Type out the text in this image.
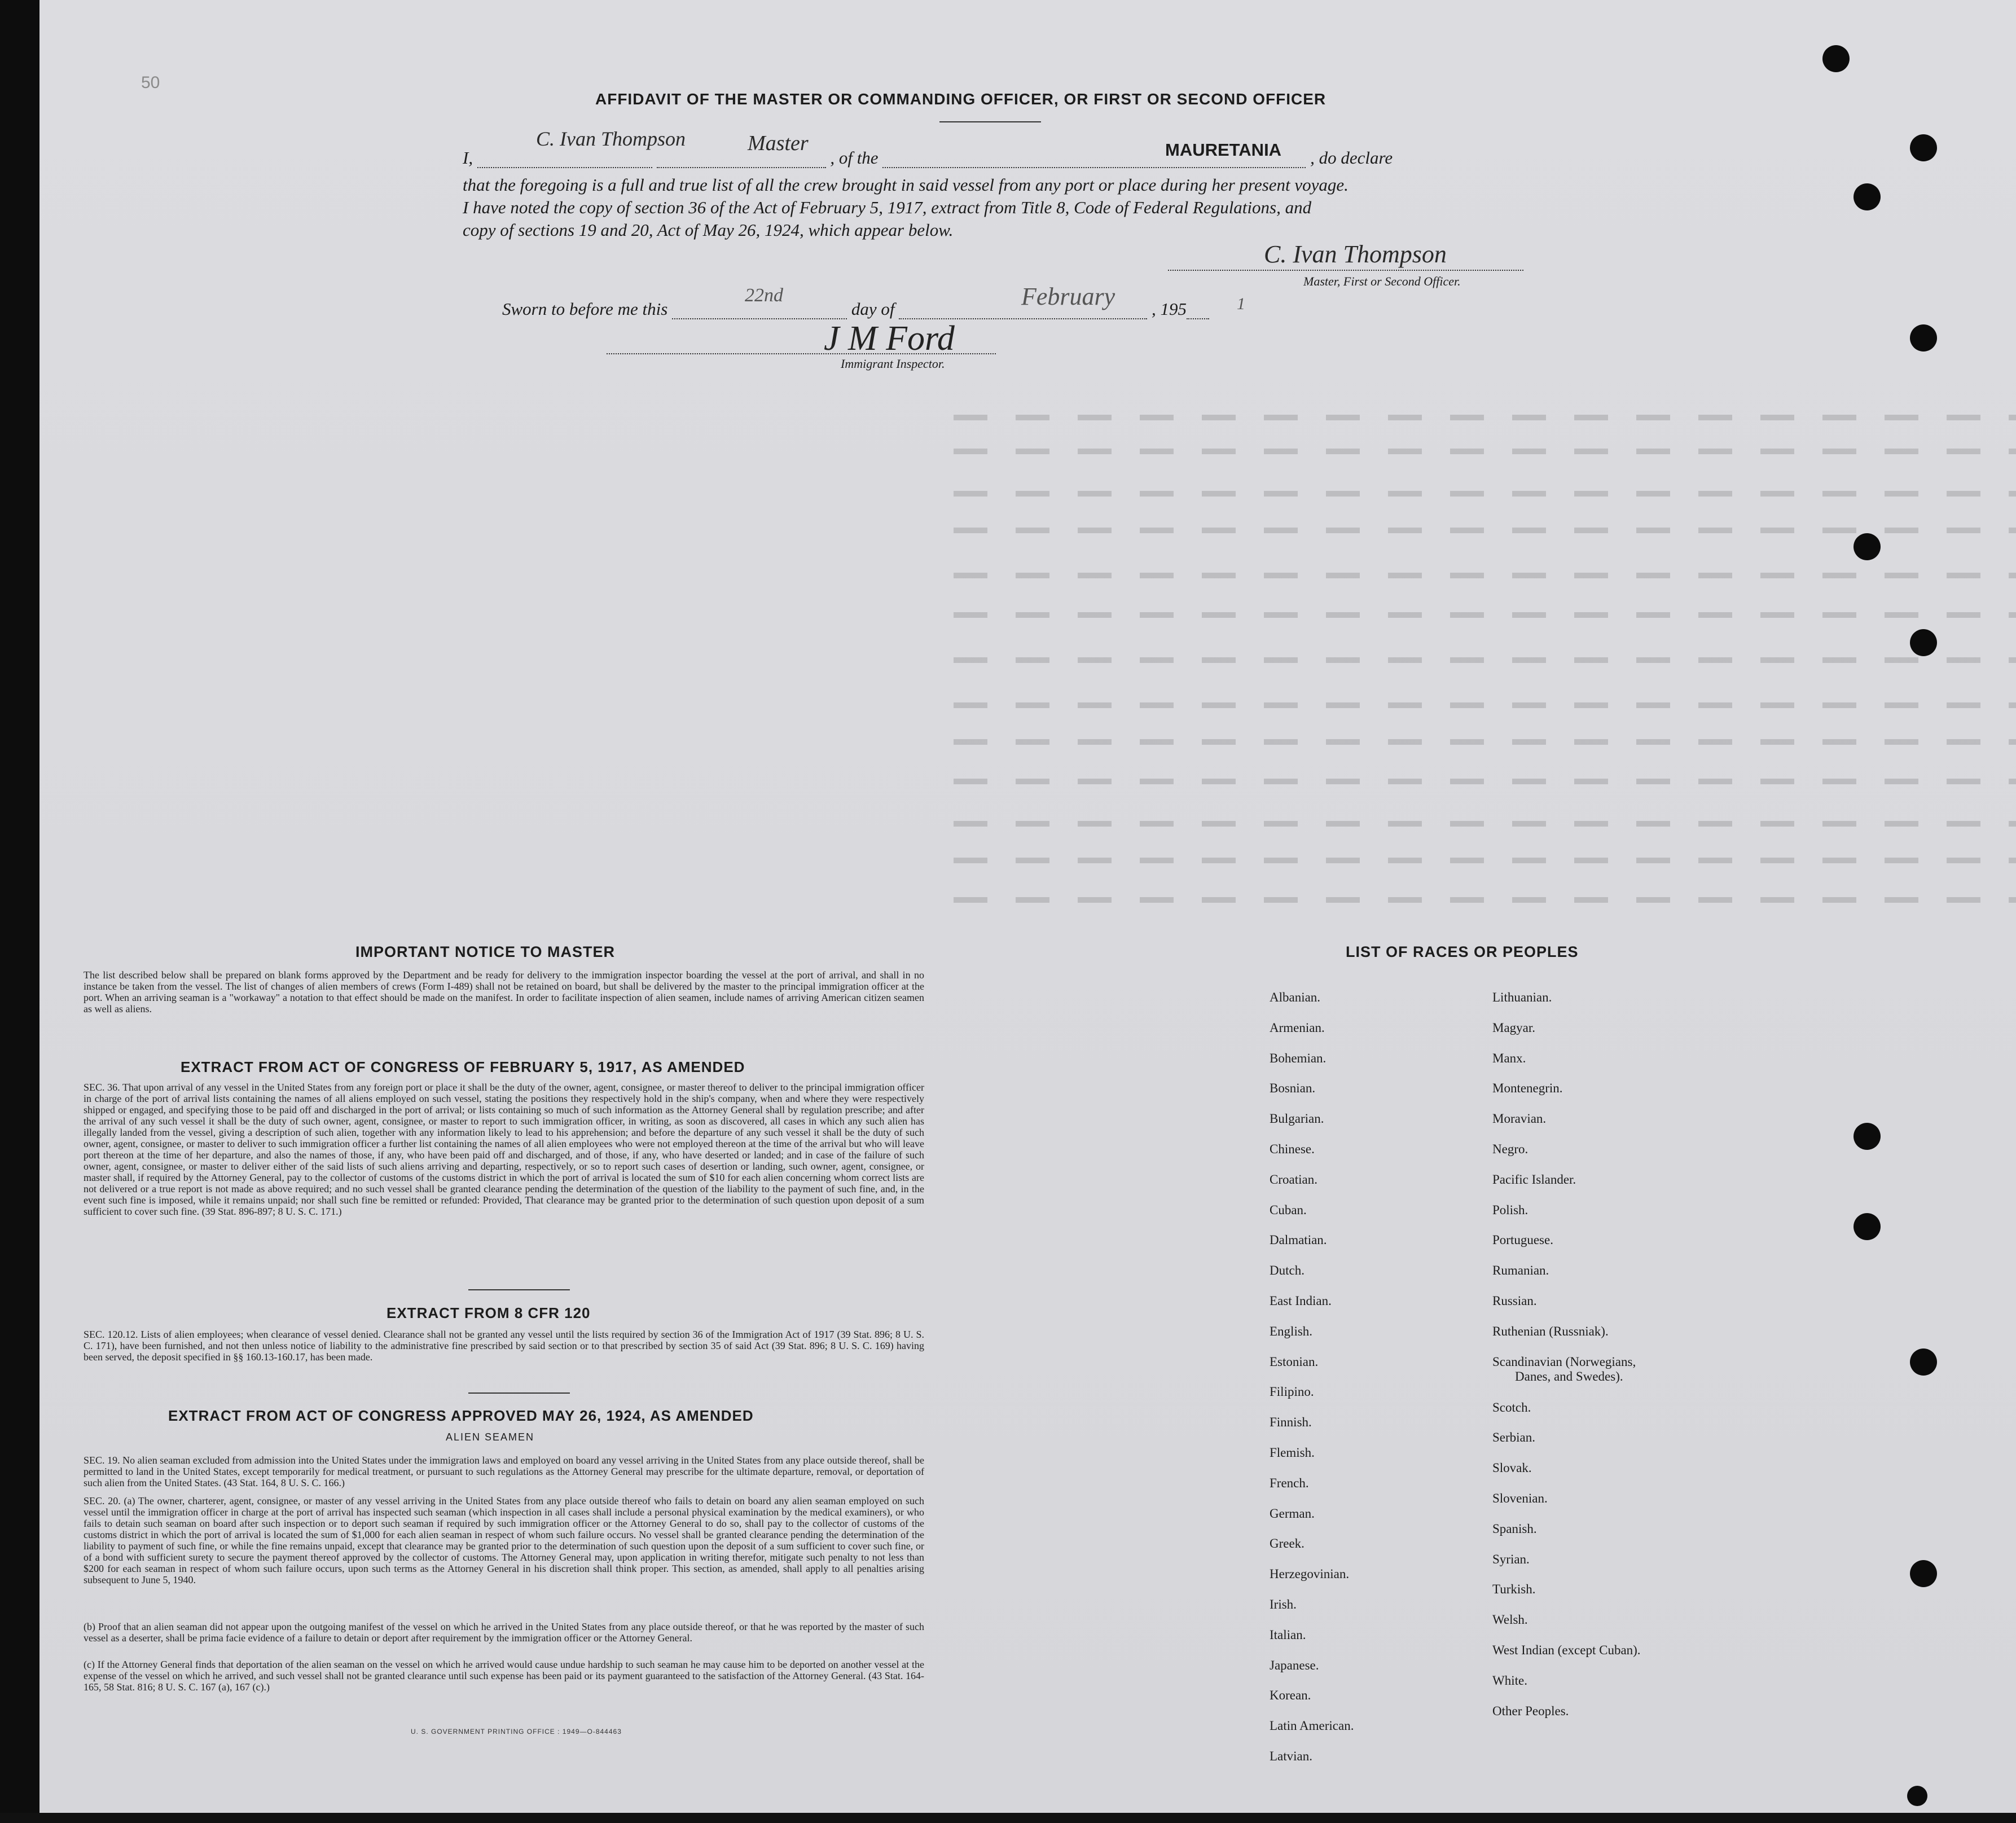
50
AFFIDAVIT OF THE MASTER OR COMMANDING OFFICER, OR FIRST OR SECOND OFFICER
I,	, of the	, do declare
C. Ivan Thompson	Master	MAURETANIA
that the foregoing is a full and true list of all the crew brought in said vessel from any port or place during her present voyage.
I have noted the copy of section 36 of the Act of February 5, 1917, extract from Title 8, Code of Federal Regulations, and
copy of sections 19 and 20, Act of May 26, 1924, which appear below.
C. Ivan Thompson
Master, First or Second Officer.
Sworn to before me this	day of	, 195
22nd	February	1
J M Ford
Immigrant Inspector.
IMPORTANT NOTICE TO MASTER
The list described below shall be prepared on blank forms approved by the Department and be ready for delivery to the immigration inspector boarding the vessel at the port of arrival, and shall in no instance be taken from the vessel. The list of changes of alien members of crews (Form I-489) shall not be retained on board, but shall be delivered by the master to the principal immigration officer at the port. When an arriving seaman is a "workaway" a notation to that effect should be made on the manifest. In order to facilitate inspection of alien seamen, include names of arriving American citizen seamen as well as aliens.
EXTRACT FROM ACT OF CONGRESS OF FEBRUARY 5, 1917, AS AMENDED
SEC. 36. That upon arrival of any vessel in the United States from any foreign port or place it shall be the duty of the owner, agent, consignee, or master thereof to deliver to the principal immigration officer in charge of the port of arrival lists containing the names of all aliens employed on such vessel, stating the positions they respectively hold in the ship's company, when and where they were respectively shipped or engaged, and specifying those to be paid off and discharged in the port of arrival; or lists containing so much of such information as the Attorney General shall by regulation prescribe; and after the arrival of any such vessel it shall be the duty of such owner, agent, consignee, or master to report to such immigration officer, in writing, as soon as discovered, all cases in which any such alien has illegally landed from the vessel, giving a description of such alien, together with any information likely to lead to his apprehension; and before the departure of any such vessel it shall be the duty of such owner, agent, consignee, or master to deliver to such immigration officer a further list containing the names of all alien employees who were not employed thereon at the time of the arrival but who will leave port thereon at the time of her departure, and also the names of those, if any, who have been paid off and discharged, and of those, if any, who have deserted or landed; and in case of the failure of such owner, agent, consignee, or master to deliver either of the said lists of such aliens arriving and departing, respectively, or so to report such cases of desertion or landing, such owner, agent, consignee, or master shall, if required by the Attorney General, pay to the collector of customs of the customs district in which the port of arrival is located the sum of $10 for each alien concerning whom correct lists are not delivered or a true report is not made as above required; and no such vessel shall be granted clearance pending the determination of the question of the liability to the payment of such fine, and, in the event such fine is imposed, while it remains unpaid; nor shall such fine be remitted or refunded: Provided, That clearance may be granted prior to the determination of such question upon deposit of a sum sufficient to cover such fine. (39 Stat. 896-897; 8 U. S. C. 171.)
EXTRACT FROM 8 CFR 120
SEC. 120.12. Lists of alien employees; when clearance of vessel denied. Clearance shall not be granted any vessel until the lists required by section 36 of the Immigration Act of 1917 (39 Stat. 896; 8 U. S. C. 171), have been furnished, and not then unless notice of liability to the administrative fine prescribed by said section or to that prescribed by section 35 of said Act (39 Stat. 896; 8 U. S. C. 169) having been served, the deposit specified in §§ 160.13-160.17, has been made.
EXTRACT FROM ACT OF CONGRESS APPROVED MAY 26, 1924, AS AMENDED
ALIEN SEAMEN
SEC. 19. No alien seaman excluded from admission into the United States under the immigration laws and employed on board any vessel arriving in the United States from any place outside thereof, shall be permitted to land in the United States, except temporarily for medical treatment, or pursuant to such regulations as the Attorney General may prescribe for the ultimate departure, removal, or deportation of such alien from the United States. (43 Stat. 164, 8 U. S. C. 166.)
SEC. 20. (a) The owner, charterer, agent, consignee, or master of any vessel arriving in the United States from any place outside thereof who fails to detain on board any alien seaman employed on such vessel until the immigration officer in charge at the port of arrival has inspected such seaman (which inspection in all cases shall include a personal physical examination by the medical examiners), or who fails to detain such seaman on board after such inspection or to deport such seaman if required by such immigration officer or the Attorney General to do so, shall pay to the collector of customs of the customs district in which the port of arrival is located the sum of $1,000 for each alien seaman in respect of whom such failure occurs. No vessel shall be granted clearance pending the determination of the liability to payment of such fine, or while the fine remains unpaid, except that clearance may be granted prior to the determination of such question upon the deposit of a sum sufficient to cover such fine, or of a bond with sufficient surety to secure the payment thereof approved by the collector of customs. The Attorney General may, upon application in writing therefor, mitigate such penalty to not less than $200 for each seaman in respect of whom such failure occurs, upon such terms as the Attorney General in his discretion shall think proper. This section, as amended, shall apply to all penalties arising subsequent to June 5, 1940.
(b) Proof that an alien seaman did not appear upon the outgoing manifest of the vessel on which he arrived in the United States from any place outside thereof, or that he was reported by the master of such vessel as a deserter, shall be prima facie evidence of a failure to detain or deport after requirement by the immigration officer or the Attorney General.
(c) If the Attorney General finds that deportation of the alien seaman on the vessel on which he arrived would cause undue hardship to such seaman he may cause him to be deported on another vessel at the expense of the vessel on which he arrived, and such vessel shall not be granted clearance until such expense has been paid or its payment guaranteed to the satisfaction of the Attorney General. (43 Stat. 164-165, 58 Stat. 816; 8 U. S. C. 167 (a), 167 (c).)
U. S. GOVERNMENT PRINTING OFFICE : 1949—O-844463
LIST OF RACES OR PEOPLES
Albanian.
Armenian.
Bohemian.
Bosnian.
Bulgarian.
Chinese.
Croatian.
Cuban.
Dalmatian.
Dutch.
East Indian.
English.
Estonian.
Filipino.
Finnish.
Flemish.
French.
German.
Greek.
Herzegovinian.
Irish.
Italian.
Japanese.
Korean.
Latin American.
Latvian.
Lithuanian.
Magyar.
Manx.
Montenegrin.
Moravian.
Negro.
Pacific Islander.
Polish.
Portuguese.
Rumanian.
Russian.
Ruthenian (Russniak).
Scandinavian (Norwegians,
Danes, and Swedes).
Scotch.
Serbian.
Slovak.
Slovenian.
Spanish.
Syrian.
Turkish.
Welsh.
West Indian (except Cuban).
White.
Other Peoples.
